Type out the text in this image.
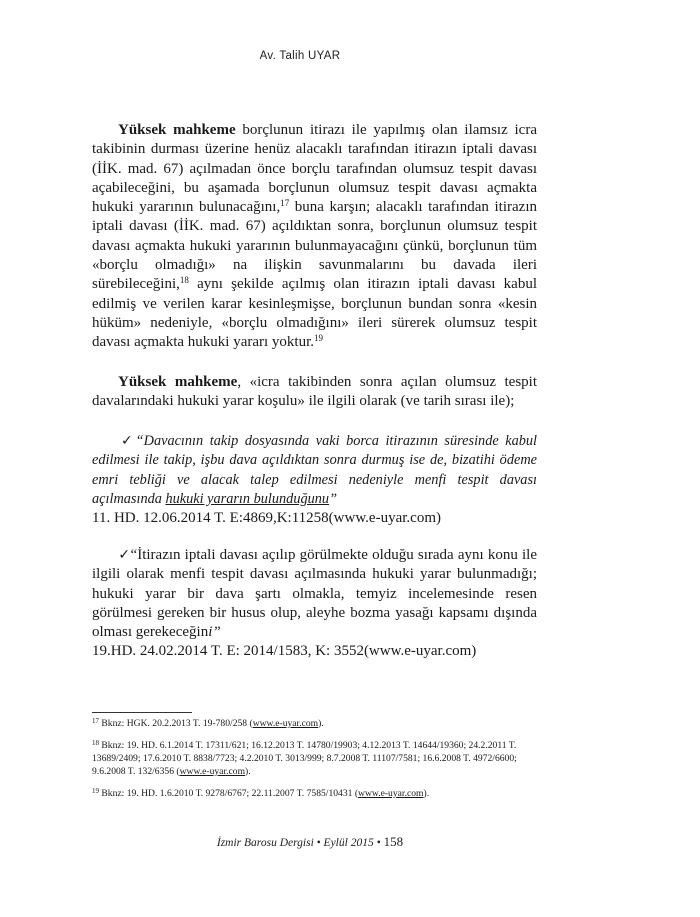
Av. Talih UYAR
Yüksek mahkeme borçlunun itirazı ile yapılmış olan ilamsız icra takibinin durması üzerine henüz alacaklı tarafından itirazın iptali davası (İİK. mad. 67) açılmadan önce borçlu tarafından olumsuz tespit davası açabileceğini, bu aşamada borçlunun olumsuz tespit davası açmakta hukuki yararının bulunacağını,$^{17}$ buna karşın; alacaklı tarafından itirazın iptali davası (İİK. mad. 67) açıldıktan sonra, borçlunun olumsuz tespit davası açmakta hukuki yararının bulunmayacağını çünkü, borçlunun tüm «borçlu olmadığı» na ilişkin savunmalarını bu davada ileri sürebileceğini,$^{18}$ aynı şekilde açılmış olan itirazın iptali davası kabul edilmiş ve verilen karar kesinleşmişse, borçlunun bundan sonra «kesin hüküm» nedeniyle, «borçlu olmadığını» ileri sürerek olumsuz tespit davası açmakta hukuki yararı yoktur.$^{19}$
Yüksek mahkeme, «icra takibinden sonra açılan olumsuz tespit davalarındaki hukuki yarar koşulu» ile ilgili olarak (ve tarih sırası ile);
✓“Davacının takip dosyasında vaki borca itirazının süresinde kabul edilmesi ile takip, işbu dava açıldıktan sonra durmuş ise de, bizatihi ödeme emri tebliği ve alacak talep edilmesi nedeniyle menfi tespit davası açılmasında hukuki yararın bulunduğunu”
11. HD. 12.06.2014 T. E:4869,K:11258(www.e-uyar.com)
✓“İtirazın iptali davası açılıp görülmekte olduğu sırada aynı konu ile ilgili olarak menfi tespit davası açılmasında hukuki yarar bulunmadığı; hukuki yarar bir dava şartı olmakla, temyiz incelemesinde resen görülmesi gereken bir husus olup, aleyhe bozma yasağı kapsamı dışında olması gerekeceğini”
19.HD. 24.02.2014 T. E: 2014/1583, K: 3552(www.e-uyar.com)
$^{17}$ Bknz: HGK. 20.2.2013 T. 19-780/258 (www.e-uyar.com).
$^{18}$ Bknz: 19. HD. 6.1.2014 T. 17311/621; 16.12.2013 T. 14780/19903; 4.12.2013 T. 14644/19360; 24.2.2011 T. 13689/2409; 17.6.2010 T. 8838/7723; 4.2.2010 T. 3013/999; 8.7.2008 T. 11107/7581; 16.6.2008 T. 4972/6600; 9.6.2008 T. 132/6356 (www.e-uyar.com).
$^{19}$ Bknz: 19. HD. 1.6.2010 T. 9278/6767; 22.11.2007 T. 7585/10431 (www.e-uyar.com).
İzmir Barosu Dergisi • Eylül 2015 • 158
